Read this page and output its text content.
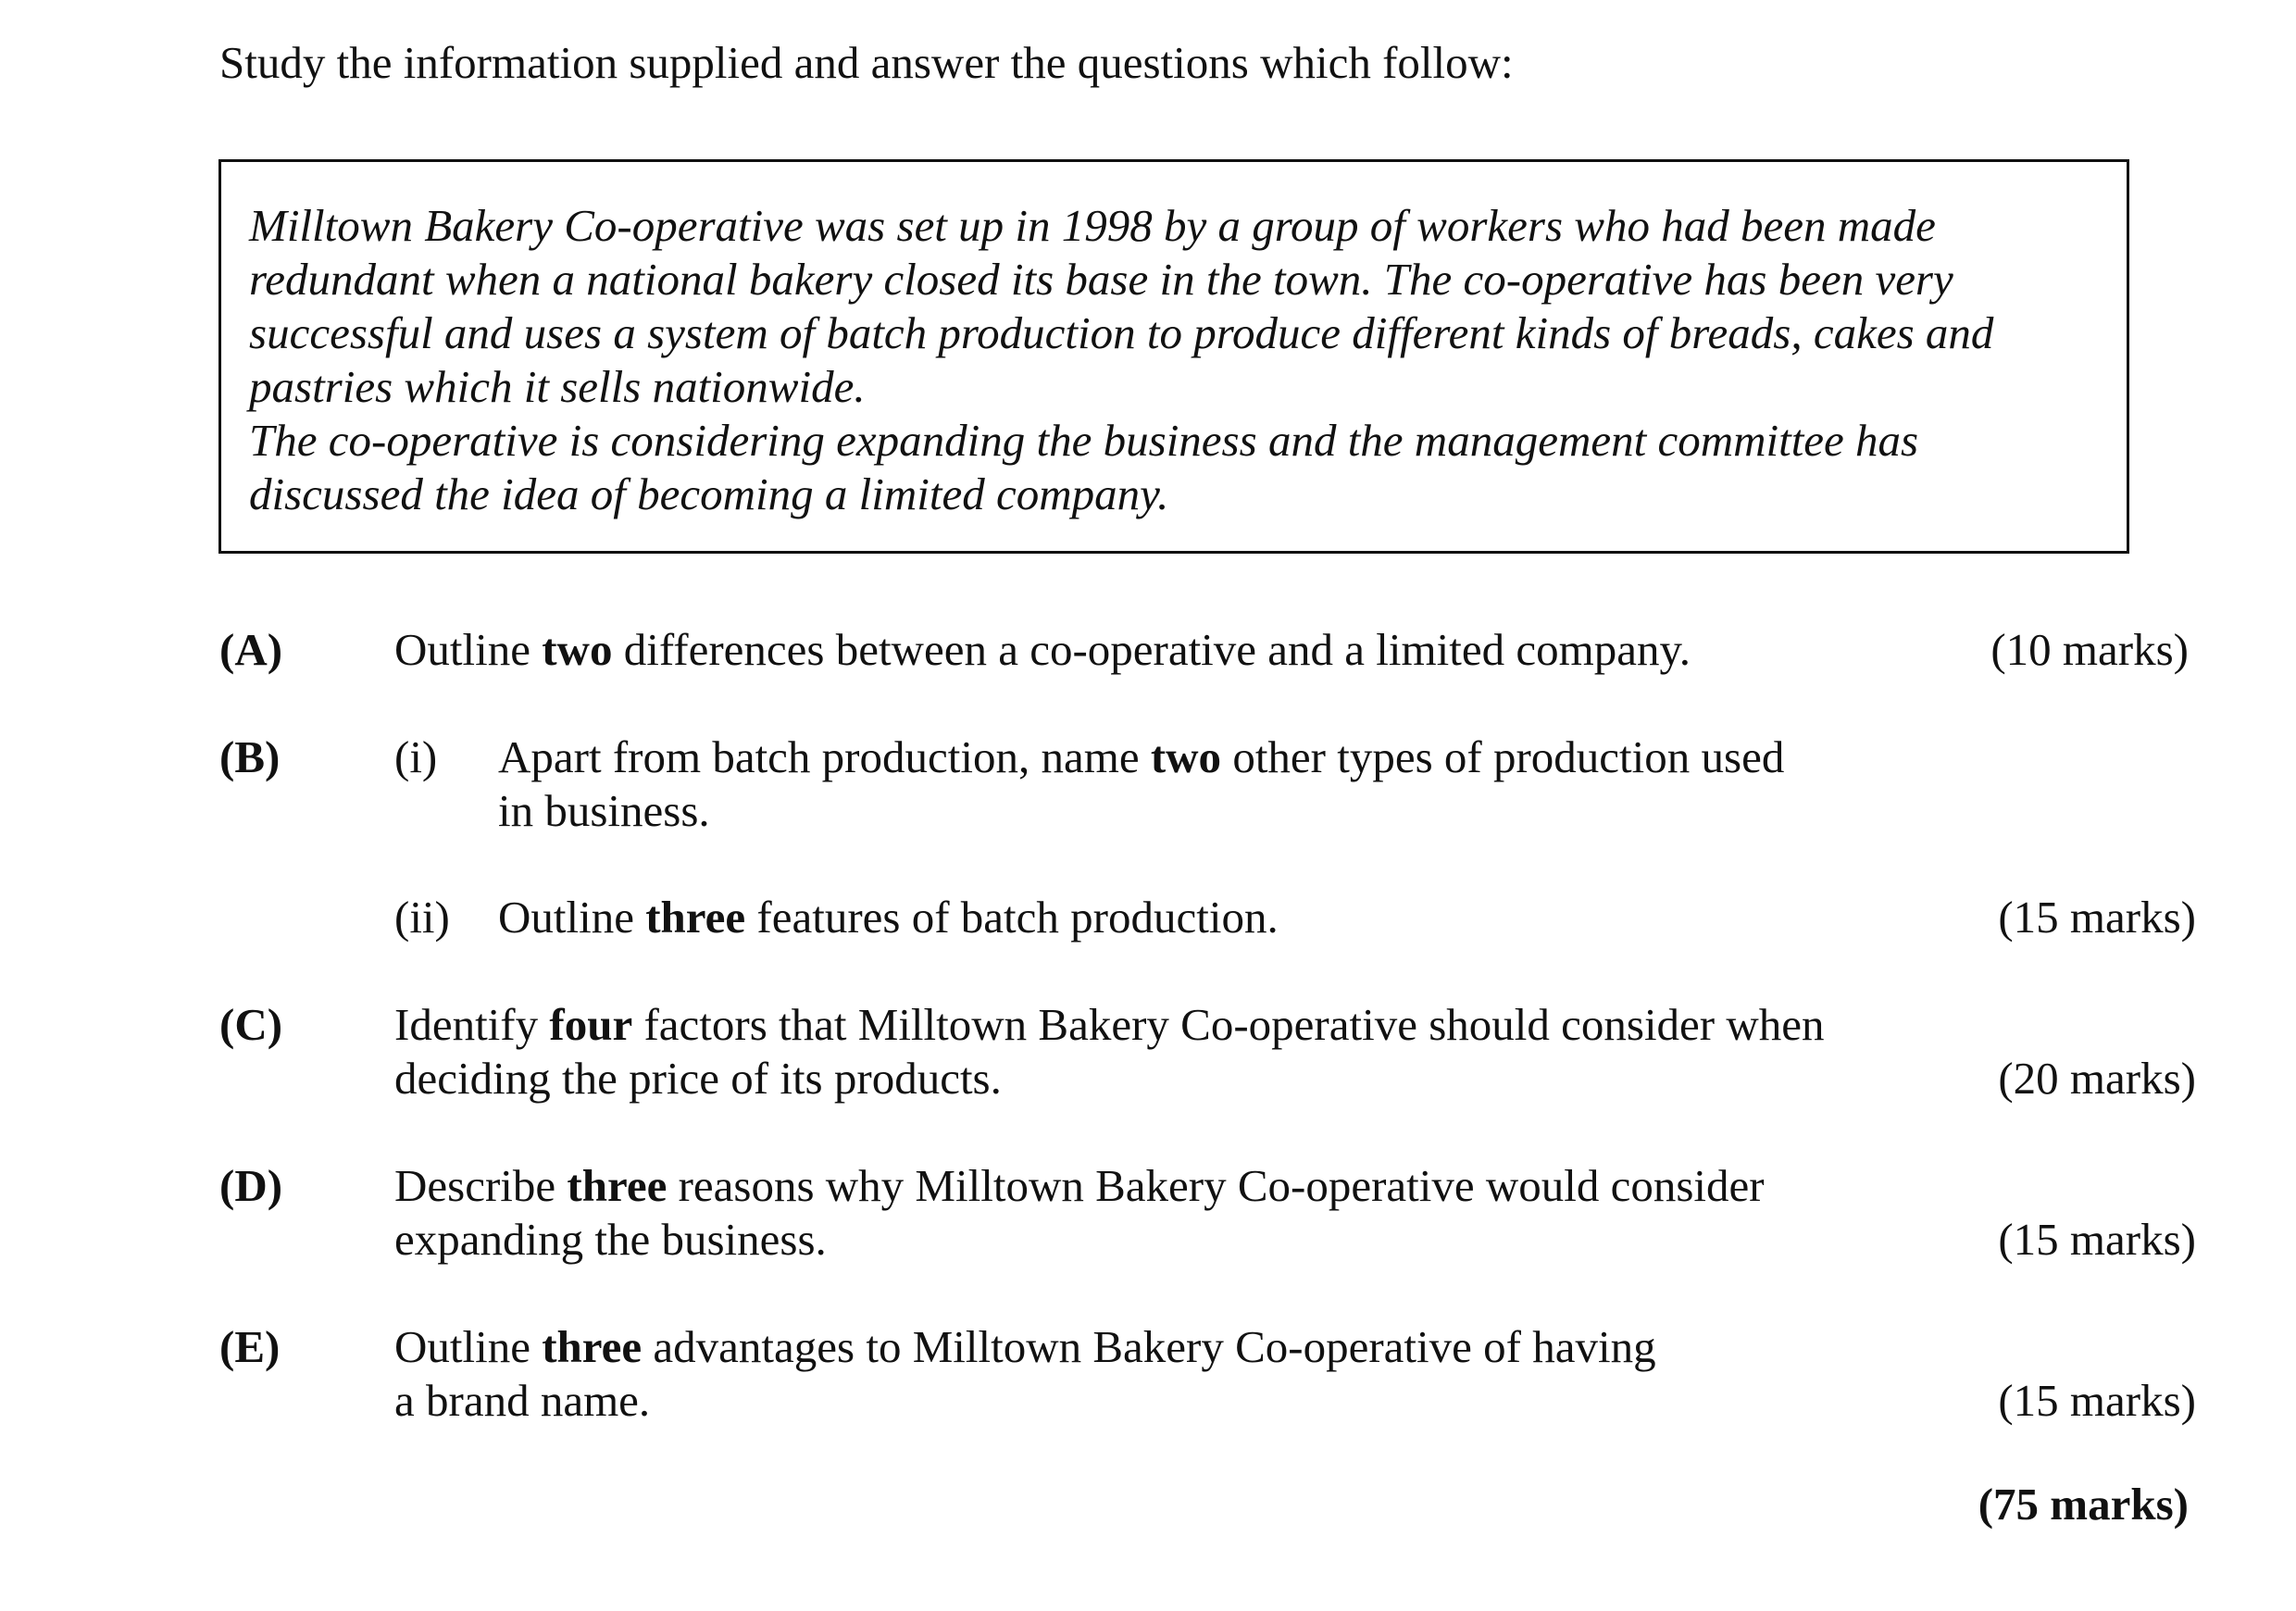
Study the information supplied and answer the questions which follow:
Milltown Bakery Co-operative was set up in 1998 by a group of workers who had been made
redundant when a national bakery closed its base in the town. The co-operative has been very
successful and uses a system of batch production to produce different kinds of breads, cakes and
pastries which it sells nationwide.
The co-operative is considering expanding the business and the management committee has
discussed the idea of becoming a limited company.
(A) Outline two differences between a co-operative and a limited company.	(10 marks)
(B)	(i) Apart from batch production, name two other types of production used
in business.
(ii) Outline three features of batch production.	(15 marks)
(C) Identify four factors that Milltown Bakery Co-operative should consider when
deciding the price of its products.	(20 marks)
(D) Describe three reasons why Milltown Bakery Co-operative would consider
expanding the business.	(15 marks)
(E)	Outline three advantages to Milltown Bakery Co-operative of having
a brand name.	(15 marks)
(75 marks)
